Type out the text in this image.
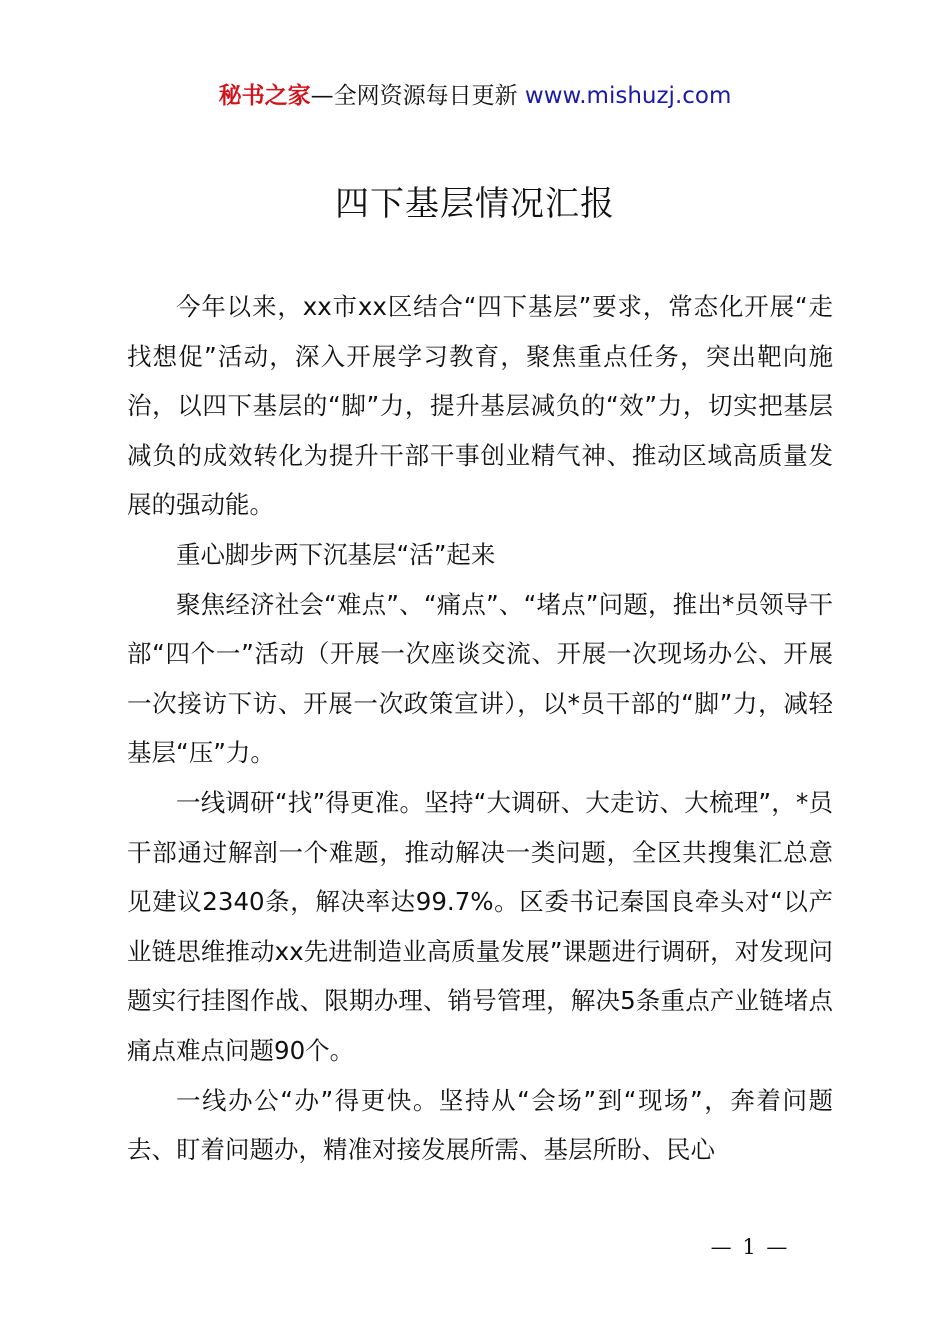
秘书之家—全网资源每日更新 www.mishuzj.com
四下基层情况汇报

今年以来，xx市xx区结合“四下基层”要求，常态化开展“走找想促”活动，深入开展学习教育，聚焦重点任务，突出靶向施治，以四下基层的“脚”力，提升基层减负的“效”力，切实把基层减负的成效转化为提升干部干事创业精气神、推动区域高质量发展的强动能。

重心脚步两下沉基层“活”起来

聚焦经济社会“难点”、“痛点”、“堵点”问题，推出*员领导干部“四个一”活动（开展一次座谈交流、开展一次现场办公、开展一次接访下访、开展一次政策宣讲），以*员干部的“脚”力，减轻基层“压”力。

一线调研“找”得更准。坚持“大调研、大走访、大梳理”，*员干部通过解剖一个难题，推动解决一类问题，全区共搜集汇总意见建议2340条，解决率达99.7%。区委书记秦国良牵头对“以产业链思维推动xx先进制造业高质量发展”课题进行调研，对发现问题实行挂图作战、限期办理、销号管理，解决5条重点产业链堵点痛点难点问题90个。

一线办公“办”得更快。坚持从“会场”到“现场”，奔着问题去、盯着问题办，精准对接发展所需、基层所盼、民心

— 1 —
